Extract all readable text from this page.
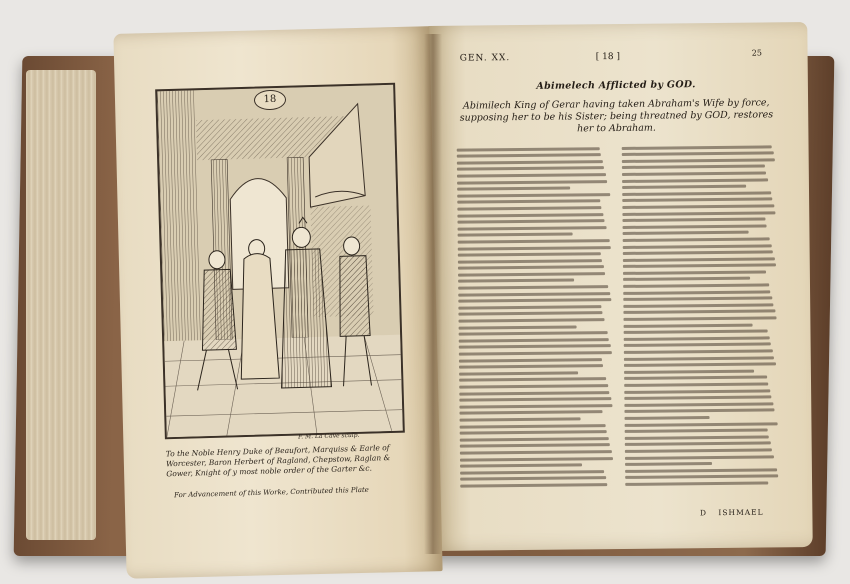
18
F. M. La Cave sculp.
To the Noble Henry Duke of Beaufort, Marquiss & Earle of Worcester, Baron Herbert of Ragland, Chepstow, Raglan & Gower, Knight of y most noble order of the Garter &c.
For Advancement of this Worke, Contributed this Plate
GEN. XX.	[ 18 ]	25
Abimelech Afflicted by GOD.
Abimilech King of Gerar having taken Abraham's Wife by force, supposing her to be his Sister; being threatned by GOD, restores her to Abraham.
D ISHMAEL
